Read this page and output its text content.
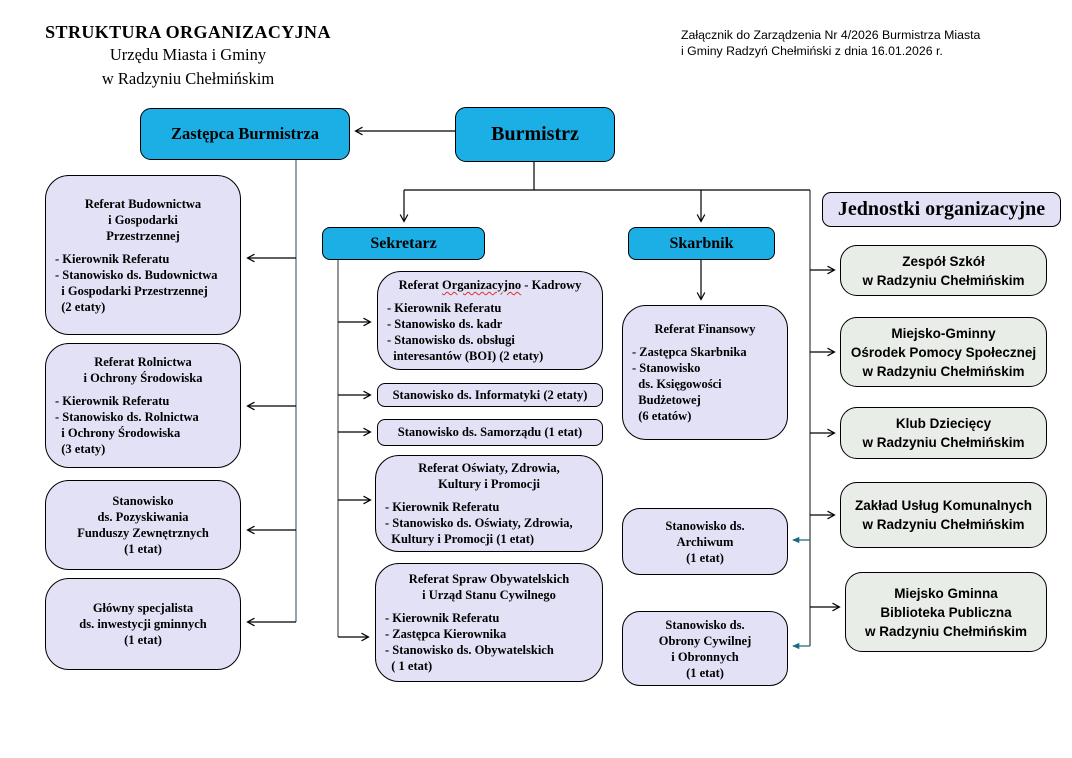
STRUKTURA ORGANIZACYJNA
Urzędu Miasta i Gminy
w Radzyniu Chełmińskim
Załącznik do Zarządzenia Nr 4/2026 Burmistrza Miasta
i Gminy Radzyń Chełmiński z dnia 16.01.2026 r.
Zastępca Burmistrza	Burmistrz
Sekretarz	Skarbnik
Referat Budownictwa
i Gospodarki
Przestrzennej
- Kierownik Referatu
- Stanowisko ds. Budownictwa
i Gospodarki Przestrzennej
(2 etaty)
Referat Rolnictwa
i Ochrony Środowiska
- Kierownik Referatu
- Stanowisko ds. Rolnictwa
i Ochrony Środowiska
(3 etaty)
Stanowisko
ds. Pozyskiwania
Funduszy Zewnętrznych
(1 etat)
Główny specjalista
ds. inwestycji gminnych
(1 etat)
Referat Organizacyjno - Kadrowy
- Kierownik Referatu
- Stanowisko ds. kadr
- Stanowisko ds. obsługi
interesantów (BOI) (2 etaty)
Stanowisko ds. Informatyki (2 etaty)
Stanowisko ds. Samorządu (1 etat)
Referat Oświaty, Zdrowia,
Kultury i Promocji
- Kierownik Referatu
- Stanowisko ds. Oświaty, Zdrowia,
Kultury i Promocji (1 etat)
Referat Spraw Obywatelskich
i Urząd Stanu Cywilnego
- Kierownik Referatu
- Zastępca Kierownika
- Stanowisko ds. Obywatelskich
( 1 etat)
Referat Finansowy
- Zastępca Skarbnika
- Stanowisko
ds. Księgowości
Budżetowej
(6 etatów)
Stanowisko ds.
Archiwum
(1 etat)
Stanowisko ds.
Obrony Cywilnej
i Obronnych
(1 etat)
Jednostki organizacyjne
Zespół Szkół
w Radzyniu Chełmińskim
Miejsko-Gminny
Ośrodek Pomocy Społecznej
w Radzyniu Chełmińskim
Klub Dziecięcy
w Radzyniu Chełmińskim
Zakład Usług Komunalnych
w Radzyniu Chełmińskim
Miejsko Gminna
Biblioteka Publiczna
w Radzyniu Chełmińskim
